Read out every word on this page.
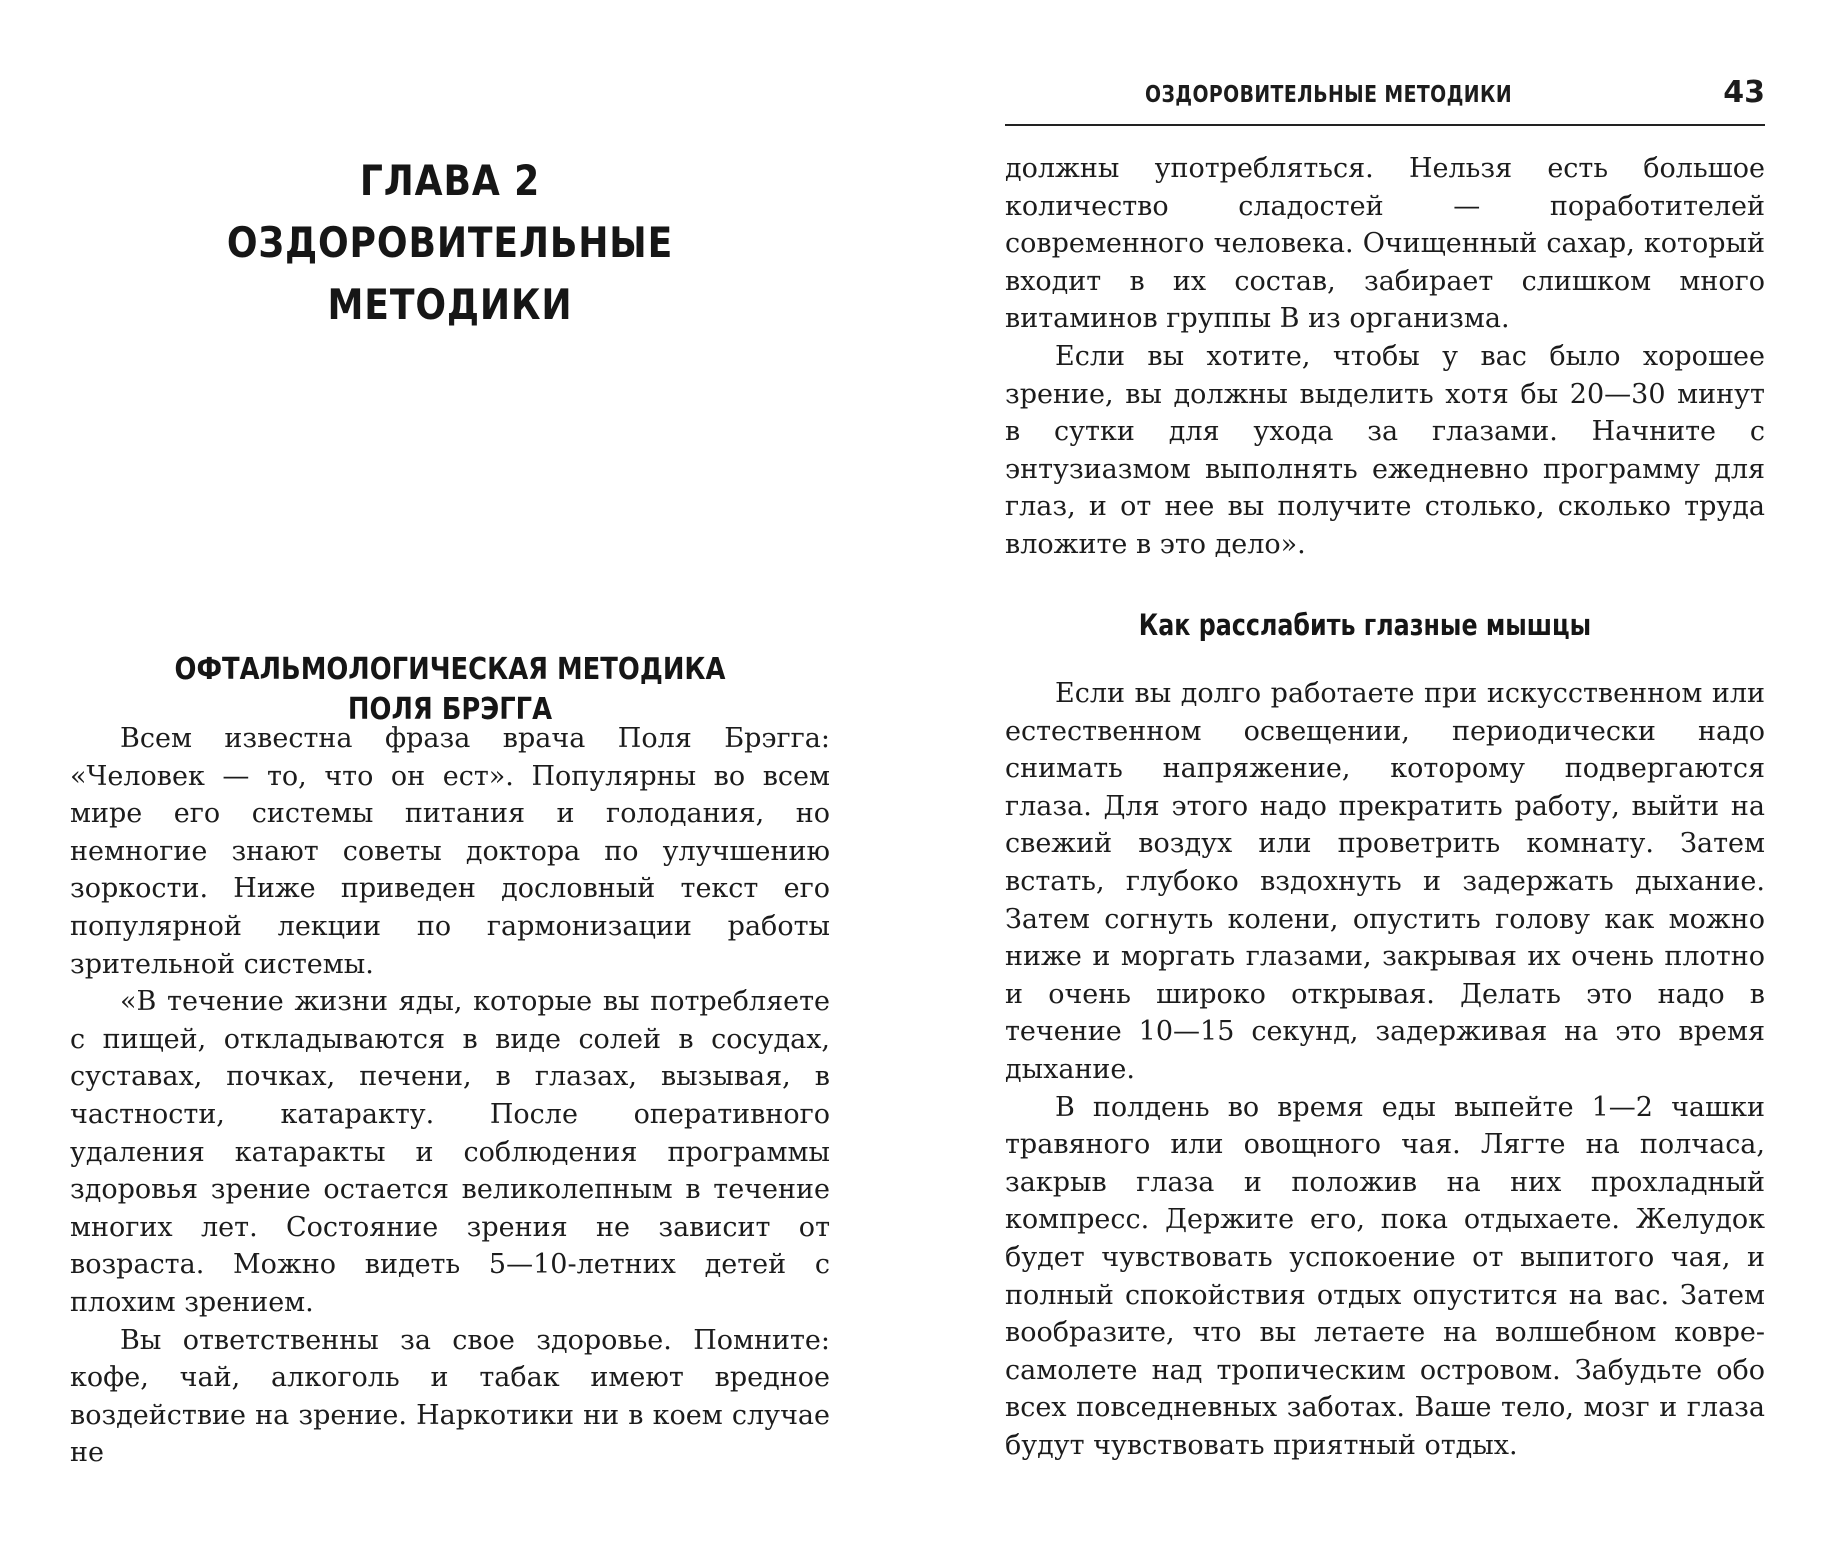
ГЛАВА 2
ОЗДОРОВИТЕЛЬНЫЕ МЕТОДИКИ
ОФТАЛЬМОЛОГИЧЕСКАЯ МЕТОДИКА ПОЛЯ БРЭГГА

Всем известна фраза врача Поля Брэгга: «Человек — то, что он ест». Популярны во всем мире его системы питания и голодания, но немногие знают советы доктора по улучшению зоркости. Ниже приведен дословный текст его популярной лекции по гармонизации работы зрительной системы.

«В течение жизни яды, которые вы потребляете с пищей, откладываются в виде солей в сосудах, суставах, почках, печени, в глазах, вызывая, в частности, катаракту. После оперативного удаления катаракты и соблюдения программы здоровья зрение остается великолепным в течение многих лет. Состояние зрения не зависит от возраста. Можно видеть 5—10-летних детей с плохим зрением.

Вы ответственны за свое здоровье. Помните: кофе, чай, алкоголь и табак имеют вредное воздействие на зрение. Наркотики ни в коем случае не

ОЗДОРОВИТЕЛЬНЫЕ МЕТОДИКИ	43

должны употребляться. Нельзя есть большое количество сладостей — поработителей современного человека. Очищенный сахар, который входит в их состав, забирает слишком много витаминов группы В из организма.

Если вы хотите, чтобы у вас было хорошее зрение, вы должны выделить хотя бы 20—30 минут в сутки для ухода за глазами. Начните с энтузиазмом выполнять ежедневно программу для глаз, и от нее вы получите столько, сколько труда вложите в это дело».

Как расслабить глазные мышцы

Если вы долго работаете при искусственном или естественном освещении, периодически надо снимать напряжение, которому подвергаются глаза. Для этого надо прекратить работу, выйти на свежий воздух или проветрить комнату. Затем встать, глубоко вздохнуть и задержать дыхание. Затем согнуть колени, опустить голову как можно ниже и моргать глазами, закрывая их очень плотно и очень широко открывая. Делать это надо в течение 10—15 секунд, задерживая на это время дыхание.

В полдень во время еды выпейте 1—2 чашки травяного или овощного чая. Лягте на полчаса, закрыв глаза и положив на них прохладный компресс. Держите его, пока отдыхаете. Желудок будет чувствовать успокоение от выпитого чая, и полный спокойствия отдых опустится на вас. Затем вообразите, что вы летаете на волшебном ковре-самолете над тропическим островом. Забудьте обо всех повседневных заботах. Ваше тело, мозг и глаза будут чувствовать приятный отдых.
